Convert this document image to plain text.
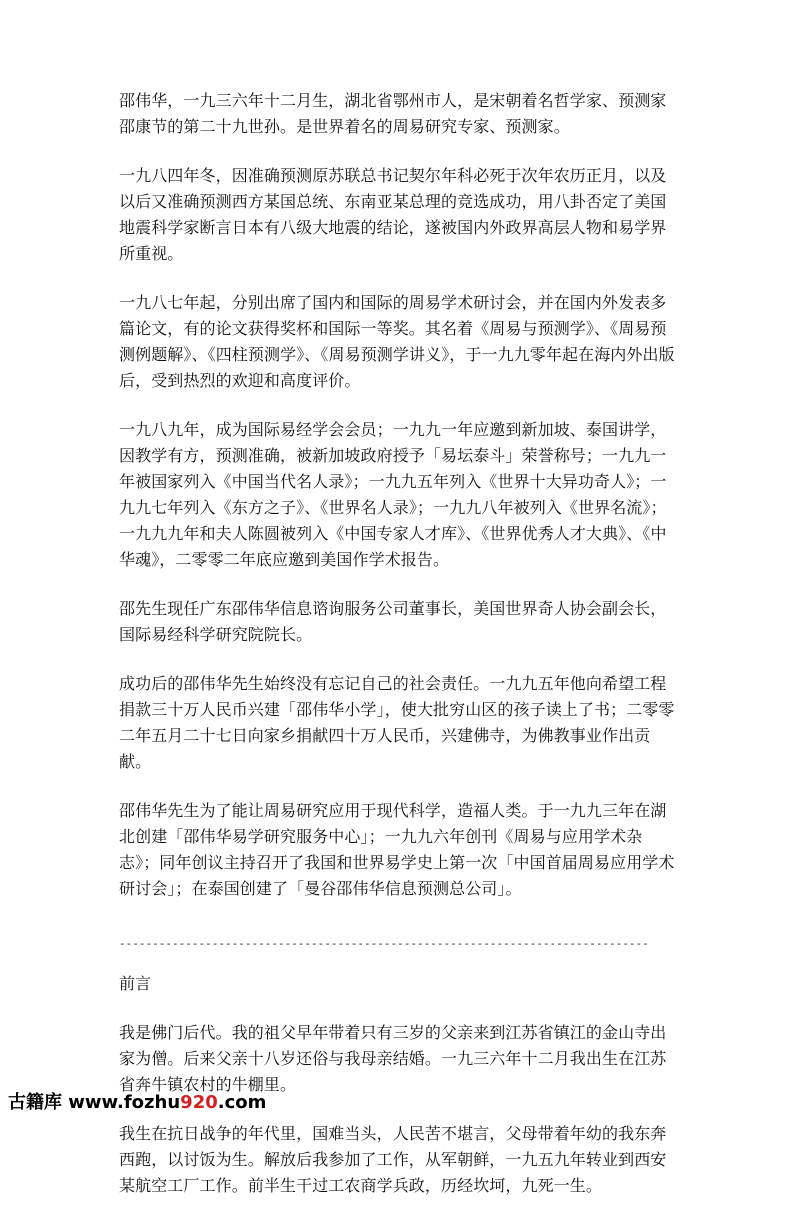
邵伟华，一九三六年十二月生，湖北省鄂州市人，是宋朝着名哲学家、预测家邵康节的第二十九世孙。是世界着名的周易研究专家、预测家。

一九八四年冬，因准确预测原苏联总书记契尔年科必死于次年农历正月，以及以后又准确预测西方某国总统、东南亚某总理的竞选成功，用八卦否定了美国地震科学家断言日本有八级大地震的结论，遂被国内外政界高层人物和易学界所重视。

一九八七年起，分别出席了国内和国际的周易学术研讨会，并在国内外发表多篇论文，有的论文获得奖杯和国际一等奖。其名着《周易与预测学》、《周易预测例题解》、《四柱预测学》、《周易预测学讲义》，于一九九零年起在海内外出版后，受到热烈的欢迎和高度评价。

一九八九年，成为国际易经学会会员；一九九一年应邀到新加坡、泰国讲学，因教学有方，预测准确，被新加坡政府授予「易坛泰斗」荣誉称号；一九九一年被国家列入《中国当代名人录》；一九九五年列入《世界十大异功奇人》；一九九七年列入《东方之子》、《世界名人录》；一九九八年被列入《世界名流》；一九九九年和夫人陈圆被列入《中国专家人才库》、《世界优秀人才大典》、《中华魂》，二零零二年底应邀到美国作学术报告。

邵先生现任广东邵伟华信息谘询服务公司董事长，美国世界奇人协会副会长，国际易经科学研究院院长。

成功后的邵伟华先生始终没有忘记自己的社会责任。一九九五年他向希望工程捐款三十万人民币兴建「邵伟华小学」，使大批穷山区的孩子读上了书；二零零二年五月二十七日向家乡捐献四十万人民币，兴建佛寺，为佛教事业作出贡献。

邵伟华先生为了能让周易研究应用于现代科学，造福人类。于一九九三年在湖北创建「邵伟华易学研究服务中心」；一九九六年创刊《周易与应用学术杂志》；同年创议主持召开了我国和世界易学史上第一次「中国首届周易应用学术研讨会」；在泰国创建了「曼谷邵伟华信息预测总公司」。

--------------------------------------------------------------------------------

前言

我是佛门后代。我的祖父早年带着只有三岁的父亲来到江苏省镇江的金山寺出家为僧。后来父亲十八岁还俗与我母亲结婚。一九三六年十二月我出生在江苏省奔牛镇农村的牛棚里。

我生在抗日战争的年代里，国难当头，人民苦不堪言，父母带着年幼的我东奔西跑，以讨饭为生。解放后我参加了工作，从军朝鲜，一九五九年转业到西安某航空工厂工作。前半生干过工农商学兵政，历经坎坷，九死一生。

古籍库 www.fozhu920.com
